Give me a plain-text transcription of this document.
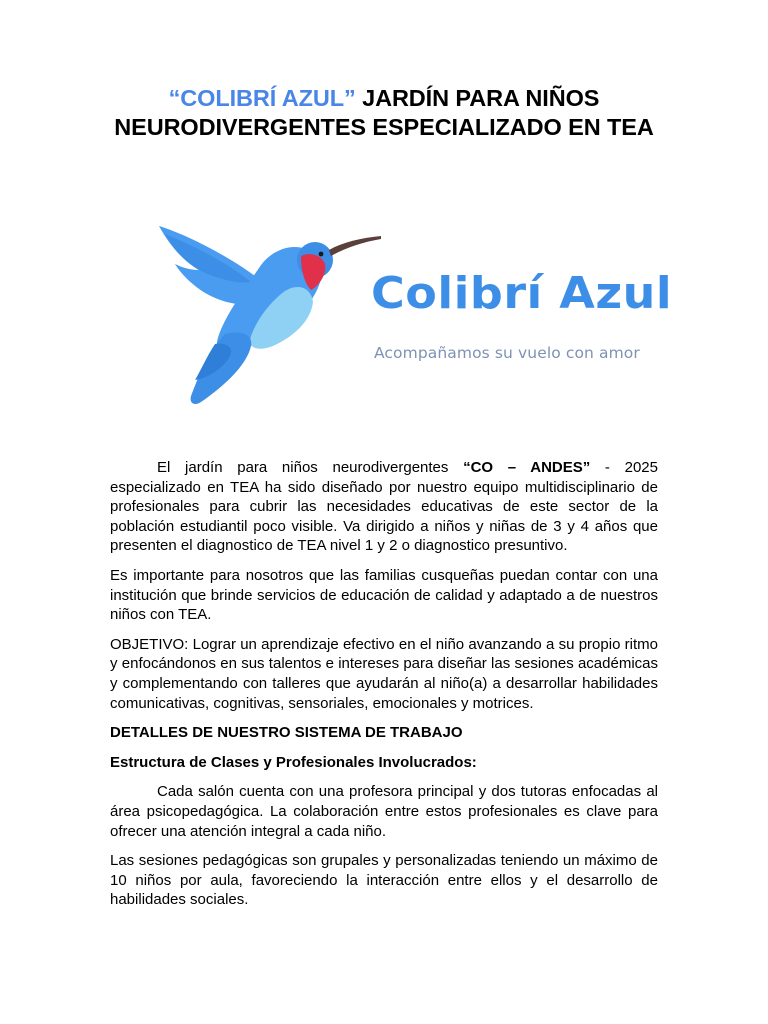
“COLIBRÍ AZUL” JARDÍN PARA NIÑOS NEURODIVERGENTES ESPECIALIZADO EN TEA
Colibrí Azul
Acompañamos su vuelo con amor

El jardín para niños neurodivergentes “CO – ANDES” - 2025 especializado en TEA ha sido diseñado por nuestro equipo multidisciplinario de profesionales para cubrir las necesidades educativas de este sector de la población estudiantil poco visible. Va dirigido a niños y niñas de 3 y 4 años que presenten el diagnostico de TEA nivel 1 y 2 o diagnostico presuntivo.

Es importante para nosotros que las familias cusqueñas puedan contar con una institución que brinde servicios de educación de calidad y adaptado a de nuestros niños con TEA.

OBJETIVO: Lograr un aprendizaje efectivo en el niño avanzando a su propio ritmo y enfocándonos en sus talentos e intereses para diseñar las sesiones académicas y complementando con talleres que ayudarán al niño(a) a desarrollar habilidades comunicativas, cognitivas, sensoriales, emocionales y motrices.

DETALLES DE NUESTRO SISTEMA DE TRABAJO

Estructura de Clases y Profesionales Involucrados:

Cada salón cuenta con una profesora principal y dos tutoras enfocadas al área psicopedagógica. La colaboración entre estos profesionales es clave para ofrecer una atención integral a cada niño.

Las sesiones pedagógicas son grupales y personalizadas teniendo un máximo de 10 niños por aula, favoreciendo la interacción entre ellos y el desarrollo de habilidades sociales.
